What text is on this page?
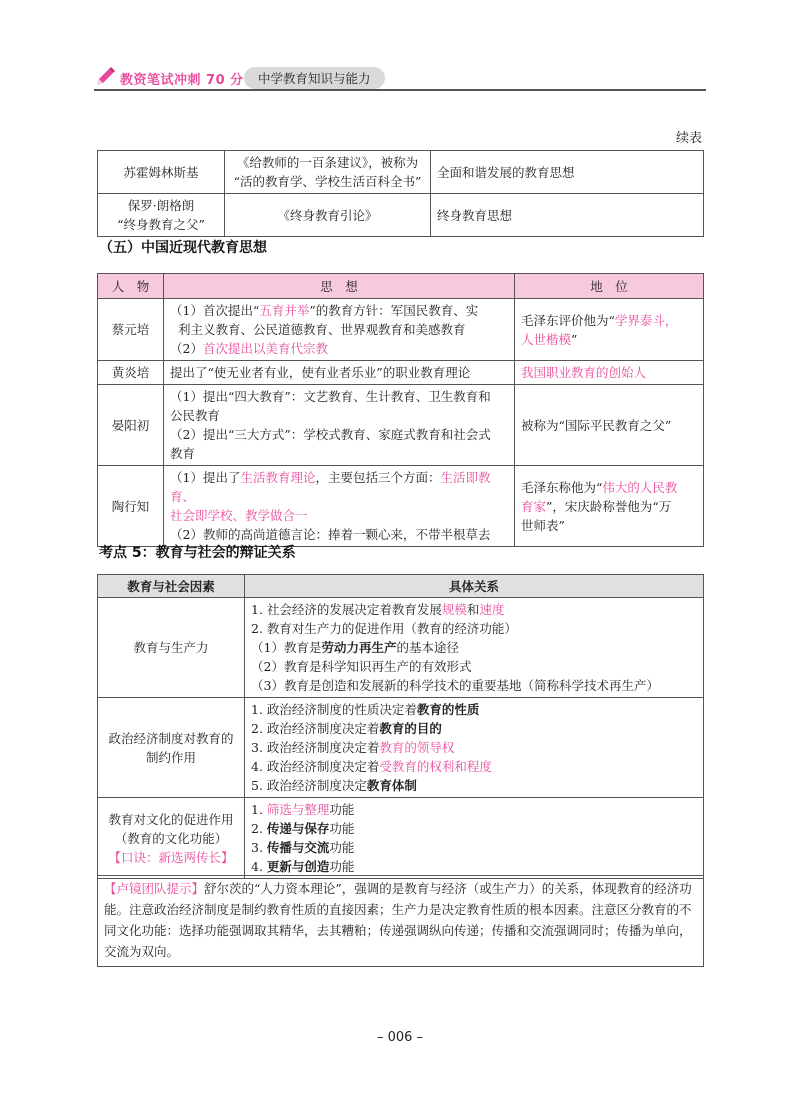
教资笔试冲刺 70 分	中学教育知识与能力
续表
苏霍姆林斯基	《给教师的一百条建议》，被称为
“活的教育学、学校生活百科全书”	全面和谐发展的教育思想

保罗·朗格朗
“终身教育之父”	《终身教育引论》	终身教育思想
（五）中国近现代教育思想
人　物	思　想	地　位
蔡元培	（1）首次提出“五育并举”的教育方针：军国民教育、实
利主义教育、公民道德教育、世界观教育和美感教育
（2）首次提出以美育代宗教	毛泽东评价他为“学界泰斗，
人世楷模”

黄炎培	提出了“使无业者有业，使有业者乐业”的职业教育理论	我国职业教育的创始人
晏阳初	（1）提出“四大教育”：文艺教育、生计教育、卫生教育和
公民教育
（2）提出“三大方式”：学校式教育、家庭式教育和社会式
教育	被称为“国际平民教育之父”
陶行知	（1）提出了生活教育理论，主要包括三个方面：生活即教育、
社会即学校、教学做合一
（2）教师的高尚道德言论：捧着一颗心来，不带半根草去	毛泽东称他为“伟大的人民教
育家”，宋庆龄称誉他为“万
世师表”
考点 5：教育与社会的辩证关系
教育与社会因素	具体关系
教育与生产力	1. 社会经济的发展决定着教育发展规模和速度
2. 教育对生产力的促进作用（教育的经济功能）
（1）教育是劳动力再生产的基本途径
（2）教育是科学知识再生产的有效形式
（3）教育是创造和发展新的科学技术的重要基地（简称科学技术再生产）

政治经济制度对教育的
制约作用	1. 政治经济制度的性质决定着教育的性质
2. 政治经济制度决定着教育的目的
3. 政治经济制度决定着教育的领导权
4. 政治经济制度决定着受教育的权利和程度
5. 政治经济制度决定教育体制

教育对文化的促进作用
（教育的文化功能）
【口诀：新选两传长】	1. 筛选与整理功能
2. 传递与保存功能
3. 传播与交流功能
4. 更新与创造功能
【卢镜团队提示】舒尔茨的“人力资本理论”，强调的是教育与经济（或生产力）的关系，体现教育的经济功能。注意政治经济制度是制约教育性质的直接因素；生产力是决定教育性质的根本因素。注意区分教育的不同文化功能：选择功能强调取其精华，去其糟粕；传递强调纵向传递；传播和交流强调同时；传播为单向，交流为双向。
– 006 –
